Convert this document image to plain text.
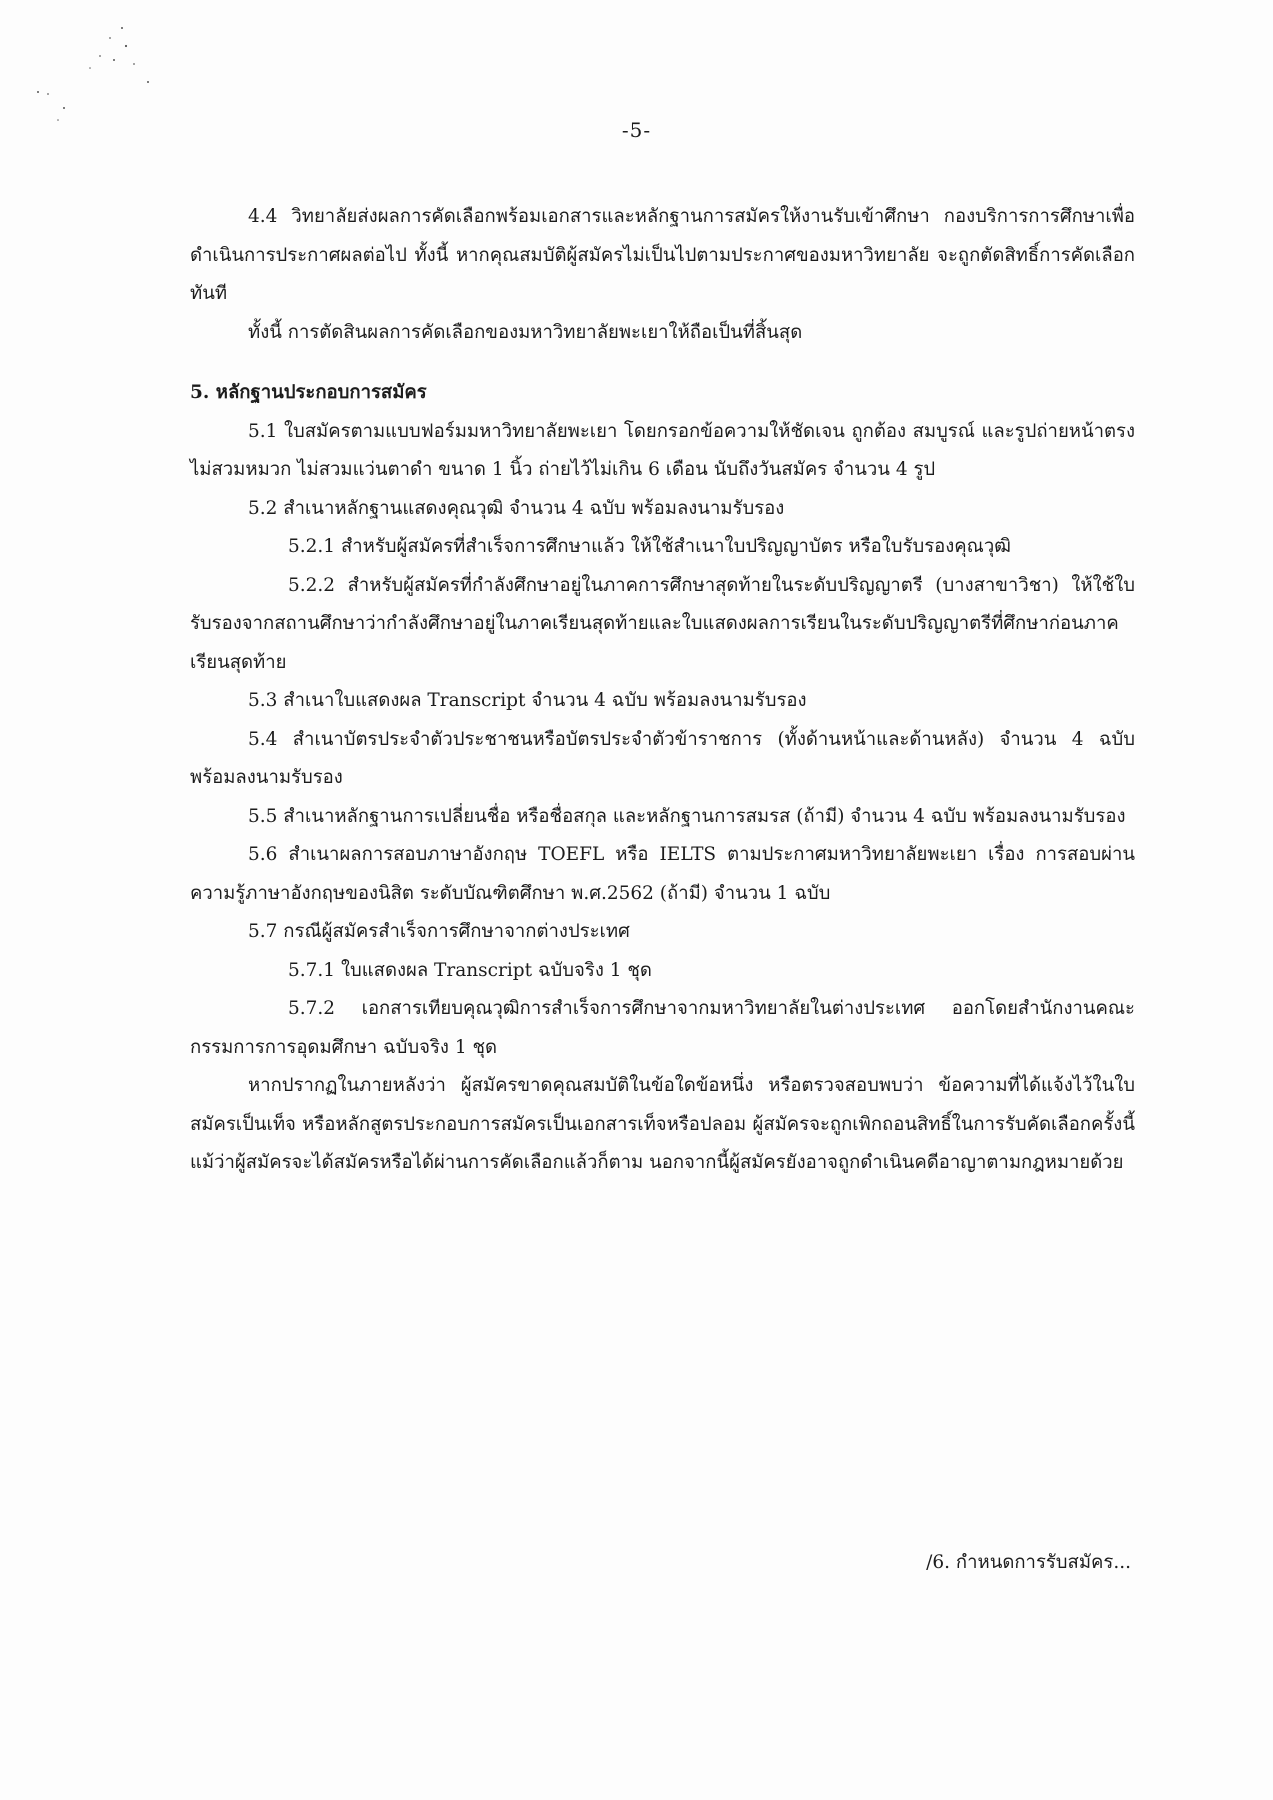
-5-

4.4 วิทยาลัยส่งผลการคัดเลือกพร้อมเอกสารและหลักฐานการสมัครให้งานรับเข้าศึกษา กองบริการการศึกษาเพื่อดำเนินการประกาศผลต่อไป ทั้งนี้ หากคุณสมบัติผู้สมัครไม่เป็นไปตามประกาศของมหาวิทยาลัย จะถูกตัดสิทธิ์การคัดเลือกทันที

ทั้งนี้ การตัดสินผลการคัดเลือกของมหาวิทยาลัยพะเยาให้ถือเป็นที่สิ้นสุด

5. หลักฐานประกอบการสมัคร

5.1 ใบสมัครตามแบบฟอร์มมหาวิทยาลัยพะเยา โดยกรอกข้อความให้ชัดเจน ถูกต้อง สมบูรณ์ และรูปถ่ายหน้าตรง ไม่สวมหมวก ไม่สวมแว่นตาดำ ขนาด 1 นิ้ว ถ่ายไว้ไม่เกิน 6 เดือน นับถึงวันสมัคร จำนวน 4 รูป

5.2 สำเนาหลักฐานแสดงคุณวุฒิ จำนวน 4 ฉบับ พร้อมลงนามรับรอง

5.2.1 สำหรับผู้สมัครที่สำเร็จการศึกษาแล้ว ให้ใช้สำเนาใบปริญญาบัตร หรือใบรับรองคุณวุฒิ

5.2.2 สำหรับผู้สมัครที่กำลังศึกษาอยู่ในภาคการศึกษาสุดท้ายในระดับปริญญาตรี (บางสาขาวิชา) ให้ใช้ใบรับรองจากสถานศึกษาว่ากำลังศึกษาอยู่ในภาคเรียนสุดท้ายและใบแสดงผลการเรียนในระดับปริญญาตรีที่ศึกษาก่อนภาคเรียนสุดท้าย

5.3 สำเนาใบแสดงผล Transcript จำนวน 4 ฉบับ พร้อมลงนามรับรอง

5.4 สำเนาบัตรประจำตัวประชาชนหรือบัตรประจำตัวข้าราชการ (ทั้งด้านหน้าและด้านหลัง) จำนวน 4 ฉบับ พร้อมลงนามรับรอง

5.5 สำเนาหลักฐานการเปลี่ยนชื่อ หรือชื่อสกุล และหลักฐานการสมรส (ถ้ามี) จำนวน 4 ฉบับ พร้อมลงนามรับรอง

5.6 สำเนาผลการสอบภาษาอังกฤษ TOEFL หรือ IELTS ตามประกาศมหาวิทยาลัยพะเยา เรื่อง การสอบผ่านความรู้ภาษาอังกฤษของนิสิต ระดับบัณฑิตศึกษา พ.ศ.2562 (ถ้ามี) จำนวน 1 ฉบับ

5.7 กรณีผู้สมัครสำเร็จการศึกษาจากต่างประเทศ

5.7.1 ใบแสดงผล Transcript ฉบับจริง 1 ชุด

5.7.2 เอกสารเทียบคุณวุฒิการสำเร็จการศึกษาจากมหาวิทยาลัยในต่างประเทศ ออกโดยสำนักงานคณะกรรมการการอุดมศึกษา ฉบับจริง 1 ชุด

หากปรากฏในภายหลังว่า ผู้สมัครขาดคุณสมบัติในข้อใดข้อหนึ่ง หรือตรวจสอบพบว่า ข้อความที่ได้แจ้งไว้ในใบสมัครเป็นเท็จ หรือหลักสูตรประกอบการสมัครเป็นเอกสารเท็จหรือปลอม ผู้สมัครจะถูกเพิกถอนสิทธิ์ในการรับคัดเลือกครั้งนี้ แม้ว่าผู้สมัครจะได้สมัครหรือได้ผ่านการคัดเลือกแล้วก็ตาม นอกจากนี้ผู้สมัครยังอาจถูกดำเนินคดีอาญาตามกฎหมายด้วย

/6. กำหนดการรับสมัคร...
